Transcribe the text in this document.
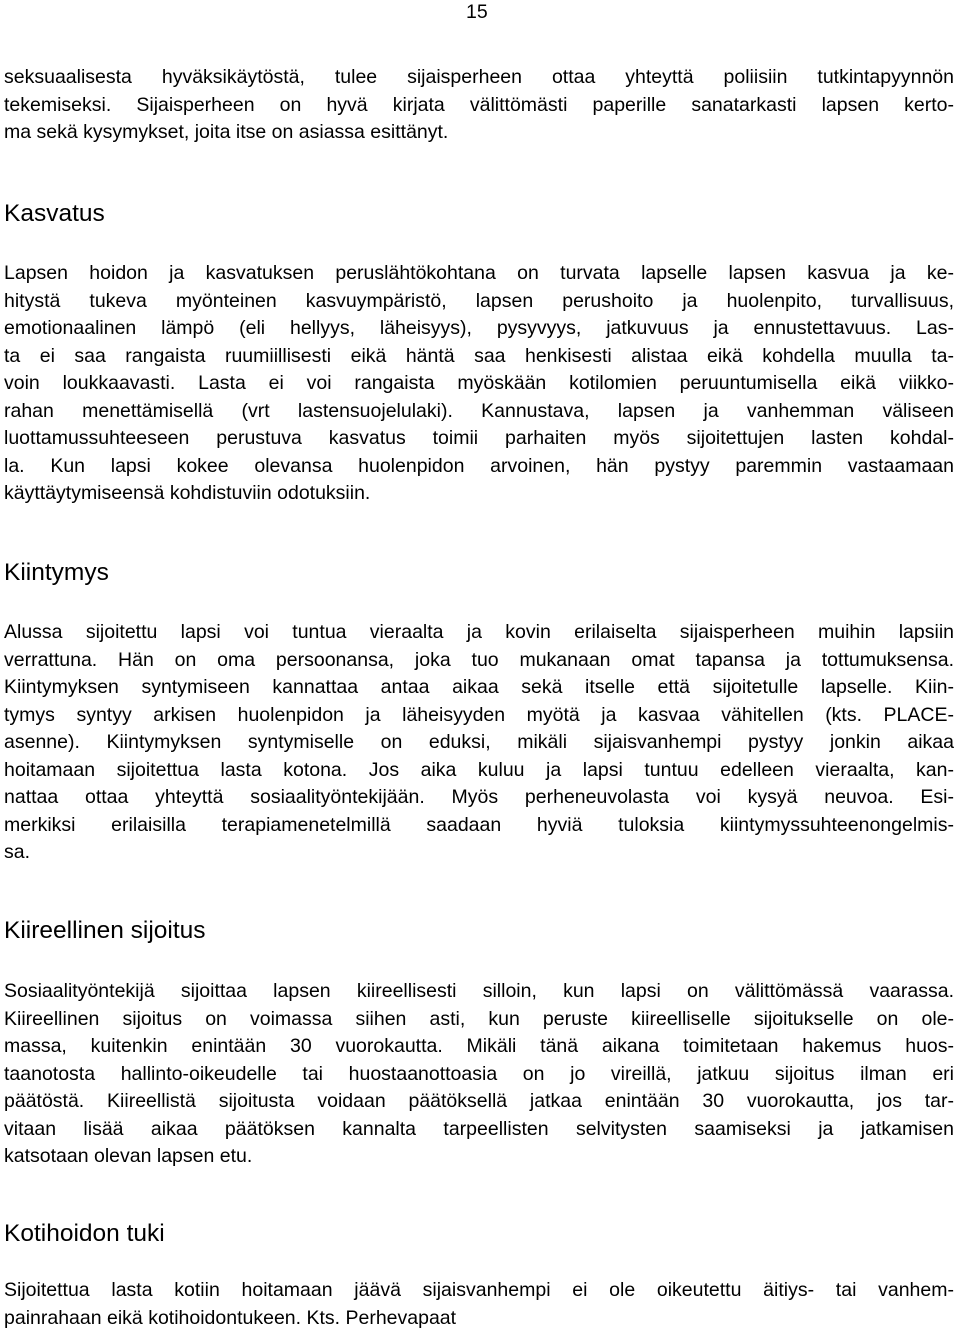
15
seksuaalisesta hyväksikäytöstä, tulee sijaisperheen ottaa yhteyttä poliisiin tutkintapyynnön
tekemiseksi. Sijaisperheen on hyvä kirjata välittömästi paperille sanatarkasti lapsen kerto-
ma sekä kysymykset, joita itse on asiassa esittänyt.
Kasvatus
Lapsen hoidon ja kasvatuksen peruslähtökohtana on turvata lapselle lapsen kasvua ja ke-
hitystä tukeva myönteinen kasvuympäristö, lapsen perushoito ja huolenpito, turvallisuus,
emotionaalinen lämpö (eli hellyys, läheisyys), pysyvyys, jatkuvuus ja ennustettavuus. Las-
ta ei saa rangaista ruumiillisesti eikä häntä saa henkisesti alistaa eikä kohdella muulla ta-
voin loukkaavasti. Lasta ei voi rangaista myöskään kotilomien peruuntumisella eikä viikko-
rahan menettämisellä (vrt lastensuojelulaki). Kannustava, lapsen ja vanhemman väliseen
luottamussuhteeseen perustuva kasvatus toimii parhaiten myös sijoitettujen lasten kohdal-
la. Kun lapsi kokee olevansa huolenpidon arvoinen, hän pystyy paremmin vastaamaan
käyttäytymiseensä kohdistuviin odotuksiin.
Kiintymys
Alussa sijoitettu lapsi voi tuntua vieraalta ja kovin erilaiselta sijaisperheen muihin lapsiin
verrattuna. Hän on oma persoonansa, joka tuo mukanaan omat tapansa ja tottumuksensa.
Kiintymyksen syntymiseen kannattaa antaa aikaa sekä itselle että sijoitetulle lapselle. Kiin-
tymys syntyy arkisen huolenpidon ja läheisyyden myötä ja kasvaa vähitellen (kts. PLACE-
asenne). Kiintymyksen syntymiselle on eduksi, mikäli sijaisvanhempi pystyy jonkin aikaa
hoitamaan sijoitettua lasta kotona. Jos aika kuluu ja lapsi tuntuu edelleen vieraalta, kan-
nattaa ottaa yhteyttä sosiaalityöntekijään. Myös perheneuvolasta voi kysyä neuvoa. Esi-
merkiksi erilaisilla terapiamenetelmillä saadaan hyviä tuloksia kiintymyssuhteenongelmis-
sa.
Kiireellinen sijoitus
Sosiaalityöntekijä sijoittaa lapsen kiireellisesti silloin, kun lapsi on välittömässä vaarassa.
Kiireellinen sijoitus on voimassa siihen asti, kun peruste kiireelliselle sijoitukselle on ole-
massa, kuitenkin enintään 30 vuorokautta. Mikäli tänä aikana toimitetaan hakemus huos-
taanotosta hallinto-oikeudelle tai huostaanottoasia on jo vireillä, jatkuu sijoitus ilman eri
päätöstä. Kiireellistä sijoitusta voidaan päätöksellä jatkaa enintään 30 vuorokautta, jos tar-
vitaan lisää aikaa päätöksen kannalta tarpeellisten selvitysten saamiseksi ja jatkamisen
katsotaan olevan lapsen etu.
Kotihoidon tuki
Sijoitettua lasta kotiin hoitamaan jäävä sijaisvanhempi ei ole oikeutettu äitiys- tai vanhem-
painrahaan eikä kotihoidontukeen. Kts. Perhevapaat
